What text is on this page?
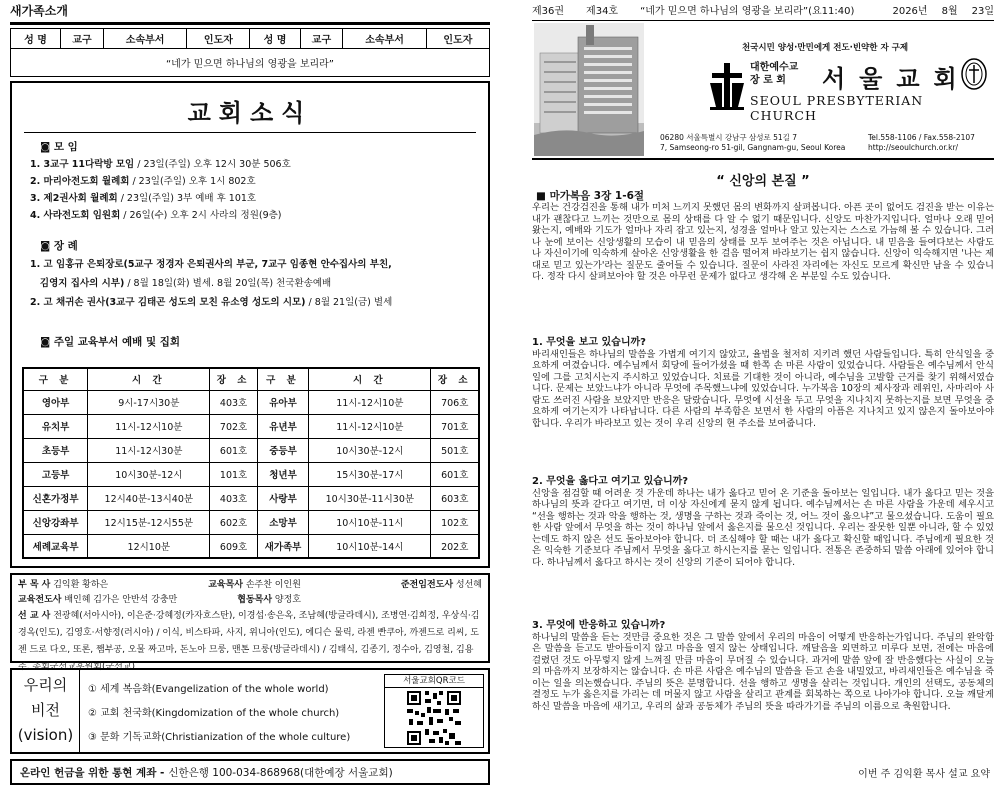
새가족소개
성 명	교구	소속부서	인도자	성 명	교구	소속부서	인도자
“네가 믿으면 하나님의 영광을 보리라”
교회소식
◙ 모 임
1. 3교구 11다락방 모임 / 23일(주일) 오후 12시 30분 506호
2. 마리아전도회 월례회 / 23일(주일) 오후 1시 802호
3. 제2권사회 월례회 / 23일(주일) 3부 예배 후 101호
4. 사라전도회 임원회 / 26일(수) 오후 2시 사라의 정원(9층)
◙ 장 례
1. 고 임홍규 은퇴장로(5교구 정경자 은퇴권사의 부군, 7교구 임종현 안수집사의 부친,
김영지 집사의 시부) / 8월 18일(화) 별세. 8월 20일(목) 천국환송예배
2. 고 채귀손 권사(3교구 김태곤 성도의 모친 유소영 성도의 시모) / 8월 21일(금) 별세
◙ 주일 교육부서 예배 및 집회
구 분	시 간	장 소	구 분	시 간	장 소
영아부	9시-17시30분	403호	유아부	11시-12시10분	706호
유치부	11시-12시10분	702호	유년부	11시-12시10분	701호
초등부	11시-12시30분	601호	중등부	10시30분-12시	501호
고등부	10시30분-12시	101호	청년부	15시30분-17시	601호
신혼가정부	12시40분-13시40분	403호	사랑부	10시30분-11시30분	603호
신앙강좌부	12시15분-12시55분	602호	소망부	10시10분-11시	102호
세례교육부	12시10분	609호	새가족부	10시10분-14시	202호
부 목 사 김익환 황하은	교육목사 손주찬 이인원	준전임전도사 성선혜
교육전도사 배인혜 김가은 안반석 강충만	협동목사 양정호
선 교 사 전광혜(서아시아), 이은준·강혜정(카자흐스탄), 이경섭·송은옥, 조남혜(방글라데시), 조병연·김희정, 우상식·김경옥(인도), 김영호·서향정(러시아) / 이식, 비스타파, 사지, 위니아(인도), 에디슨 물릭, 라젠 빤쿠아, 까젠드로 리씨, 도젠 드로 다오, 또론, 쨈부공, 오물 짜고마, 돈노아 므룽, 맨톤 므룽(방글라데시) / 김태식, 김종기, 정수아, 김영철, 김용주, 총회군선교후원회(군선교)
우리의
비전
(vision)
① 세계 복음화(Evangelization of the whole world)
② 교회 천국화(Kingdomization of the whole church)
③ 문화 기독교화(Christianization of the whole culture)
서울교회QR코드
온라인 헌금을 위한 통현 계좌 - 신한은행 100-034-868968(대한예장 서울교회)
제36권 제34호 “네가 믿으면 하나님의 영광을 보리라”(요11:40)	2026년 8월 23일
천국시민 양성·만민에게 전도·빈약한 자 구제
대한예수교
장 로 회	서울교회
SEOUL PRESBYTERIAN CHURCH
06280 서울특별시 강남구 삼성로 51길 7
7, Samseong-ro 51-gil, Gangnam-gu, Seoul Korea
Tel.558-1106 / Fax.558-2107
http://seoulchurch.or.kr/
“ 신앙의 본질 ”
■ 마가복음 3장 1-6절
우리는 건강검진을 통해 내가 미처 느끼지 못했던 몸의 변화까지 살펴봅니다. 아픈 곳이 없어도 검진을 받는 이유는 내가 괜찮다고 느끼는 것만으로 몸의 상태를 다 알 수 없기 때문입니다. 신앙도 마찬가지입니다. 얼마나 오래 믿어왔는지, 예배와 기도가 얼마나 자리 잡고 있는지, 성경을 얼마나 알고 있는지는 스스로 가늠해 볼 수 있습니다. 그러나 눈에 보이는 신앙생활의 모습이 내 믿음의 상태를 모두 보여주는 것은 아닙니다. 내 믿음을 들여다보는 사람도 나 자신이기에 익숙하게 살아온 신앙생활을 한 걸음 떨어져 바라보기는 쉽지 않습니다. 신앙이 익숙해지면 '나는 제대로 믿고 있는가'라는 질문도 줄어들 수 있습니다. 질문이 사라진 자리에는 자신도 모르게 확신만 남을 수 있습니다. 정작 다시 살펴보아야 할 것은 아무런 문제가 없다고 생각해 온 부분일 수도 있습니다.
1. 무엇을 보고 있습니까?
바리새인들은 하나님의 말씀을 가볍게 여기지 않았고, 율법을 철저히 지키려 했던 사람들입니다. 특히 안식일을 중요하게 여겼습니다. 예수님께서 회당에 들어가셨을 때 한쪽 손 마른 사람이 있었습니다. 사람들은 예수님께서 안식일에 그를 고치시는지 주시하고 있었습니다. 치료를 기대한 것이 아니라, 예수님을 고발할 근거를 찾기 위해서였습니다. 문제는 보았느냐가 아니라 무엇에 주목했느냐에 있었습니다. 누가복음 10장의 제사장과 레위인, 사마리아 사람도 쓰러진 사람을 보았지만 반응은 달랐습니다. 무엇에 시선을 두고 무엇을 지나치지 못하는지를 보면 무엇을 중요하게 여기는지가 나타납니다. 다른 사람의 부족함은 보면서 한 사람의 아픔은 지나치고 있지 않은지 돌아보아야 합니다. 우리가 바라보고 있는 것이 우리 신앙의 현 주소를 보여줍니다.
2. 무엇을 옳다고 여기고 있습니까?
신앙을 점검할 때 어려운 것 가운데 하나는 내가 옳다고 믿어 온 기준을 돌아보는 일입니다. 내가 옳다고 믿는 것을 하나님의 뜻과 같다고 여기면, 더 이상 자신에게 묻지 않게 됩니다. 예수님께서는 손 마른 사람을 가운데 세우시고 “선을 행하는 것과 악을 행하는 것, 생명을 구하는 것과 죽이는 것, 어느 것이 옳으냐”고 물으셨습니다. 도움이 필요한 사람 앞에서 무엇을 하는 것이 하나님 앞에서 옳은지를 물으신 것입니다. 우리는 잘못한 일뿐 아니라, 할 수 있었는데도 하지 않은 선도 돌아보아야 합니다. 더 조심해야 할 때는 내가 옳다고 확신할 때입니다. 주님에게 필요한 것은 익숙한 기준보다 주님께서 무엇을 옳다고 하시는지를 묻는 일입니다. 전통은 존중하되 말씀 아래에 있어야 합니다. 하나님께서 옳다고 하시는 것이 신앙의 기준이 되어야 합니다.
3. 무엇에 반응하고 있습니까?
하나님의 말씀을 듣는 것만큼 중요한 것은 그 말씀 앞에서 우리의 마음이 어떻게 반응하는가입니다. 주님의 완악함은 말씀을 듣고도 받아들이지 않고 마음을 열지 않는 상태입니다. 깨달음을 외면하고 미루다 보면, 전에는 마음에 걸렸던 것도 아무렇지 않게 느껴질 만큼 마음이 무뎌질 수 있습니다. 과거에 말씀 앞에 잘 반응했다는 사실이 오늘의 마음까지 보장하지는 않습니다. 손 마른 사람은 예수님의 말씀을 듣고 손을 내밀었고, 바리새인들은 예수님을 죽이는 일을 의논했습니다. 주님의 뜻은 분명합니다. 선을 행하고 생명을 살리는 것입니다. 개인의 선택도, 공동체의 결정도 누가 옳은지를 가리는 데 머물지 않고 사람을 살리고 관계를 회복하는 쪽으로 나아가야 합니다. 오늘 깨달게 하신 말씀을 마음에 새기고, 우리의 삶과 공동체가 주님의 뜻을 따라가기를 주님의 이름으로 축원합니다.
이번 주 김익환 목사 설교 요약
